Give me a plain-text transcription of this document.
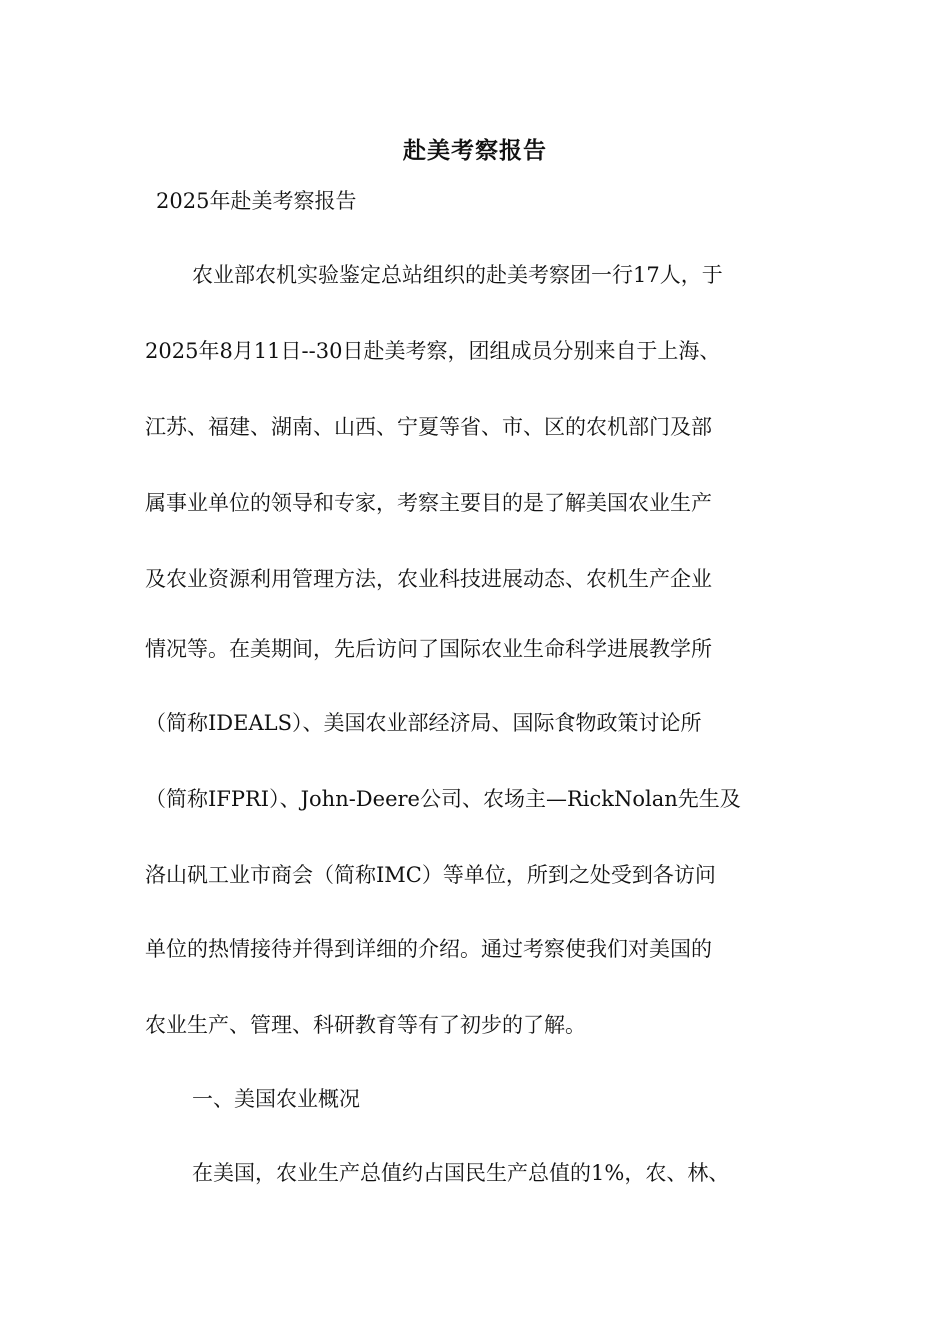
赴美考察报告
2025年赴美考察报告
农业部农机实验鉴定总站组织的赴美考察团一行17人，于
2025年8月11日--30日赴美考察，团组成员分别来自于上海、
江苏、福建、湖南、山西、宁夏等省、市、区的农机部门及部
属事业单位的领导和专家，考察主要目的是了解美国农业生产
及农业资源利用管理方法，农业科技进展动态、农机生产企业
情况等。在美期间，先后访问了国际农业生命科学进展教学所
（简称IDEALS）、美国农业部经济局、国际食物政策讨论所
（简称IFPRI）、John-Deere公司、农场主—RickNolan先生及
洛山矾工业市商会（简称IMC）等单位，所到之处受到各访问
单位的热情接待并得到详细的介绍。通过考察使我们对美国的
农业生产、管理、科研教育等有了初步的了解。
一、美国农业概况
在美国，农业生产总值约占国民生产总值的1%，农、林、
